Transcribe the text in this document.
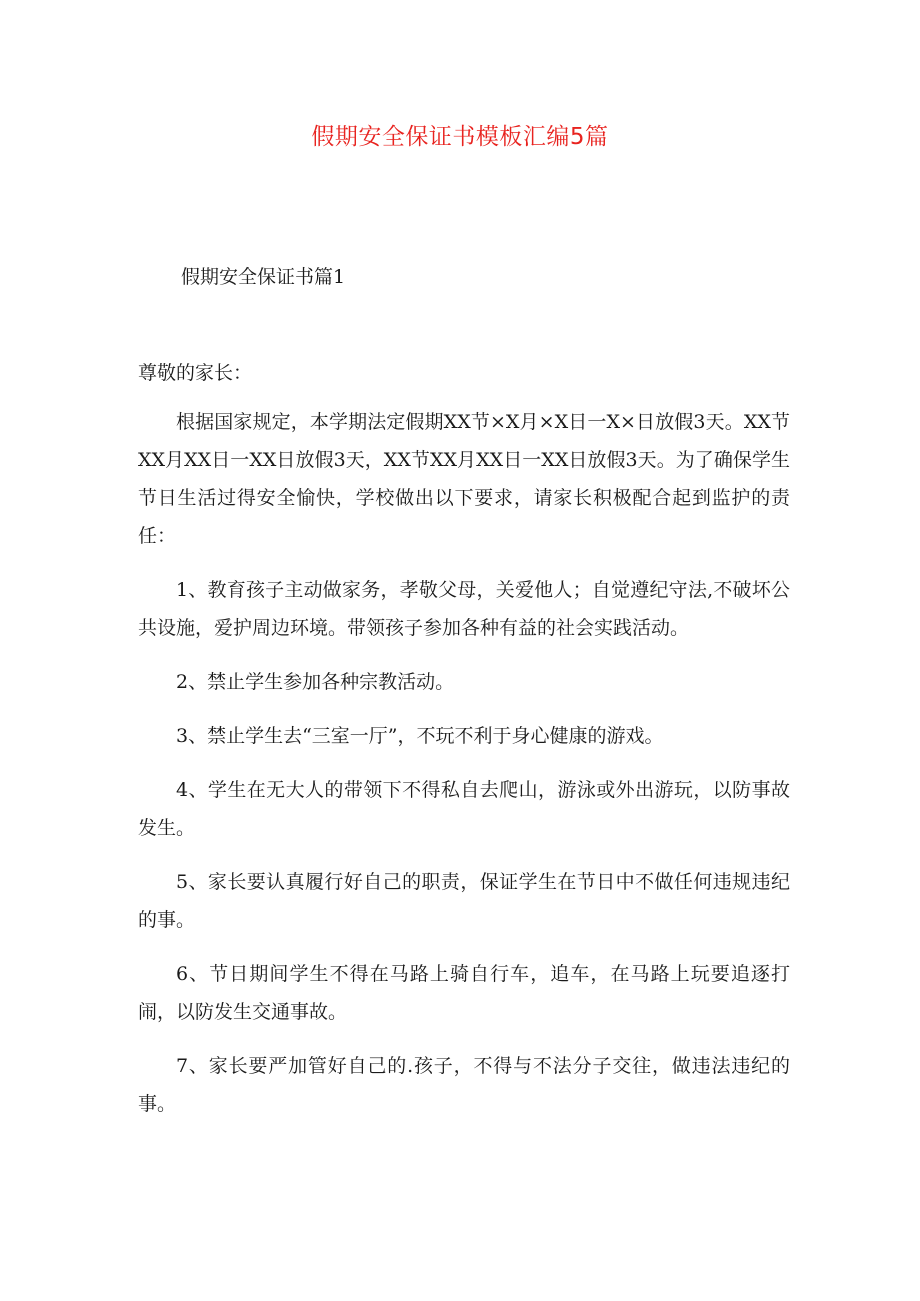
假期安全保证书模板汇编5篇
假期安全保证书篇1

尊敬的家长：

根据国家规定，本学期法定假期XX节×X月×X日一X×日放假3天。XX节XX月XX日一XX日放假3天，XX节XX月XX日一XX日放假3天。为了确保学生节日生活过得安全愉快，学校做出以下要求，请家长积极配合起到监护的责任：

1、教育孩子主动做家务，孝敬父母，关爱他人；自觉遵纪守法,不破坏公共设施，爱护周边环境。带领孩子参加各种有益的社会实践活动。

2、禁止学生参加各种宗教活动。

3、禁止学生去“三室一厅”，不玩不利于身心健康的游戏。

4、学生在无大人的带领下不得私自去爬山，游泳或外出游玩，以防事故发生。

5、家长要认真履行好自己的职责，保证学生在节日中不做任何违规违纪的事。

6、节日期间学生不得在马路上骑自行车，追车，在马路上玩要追逐打闹，以防发生交通事故。

7、家长要严加管好自己的.孩子，不得与不法分子交往，做违法违纪的事。
